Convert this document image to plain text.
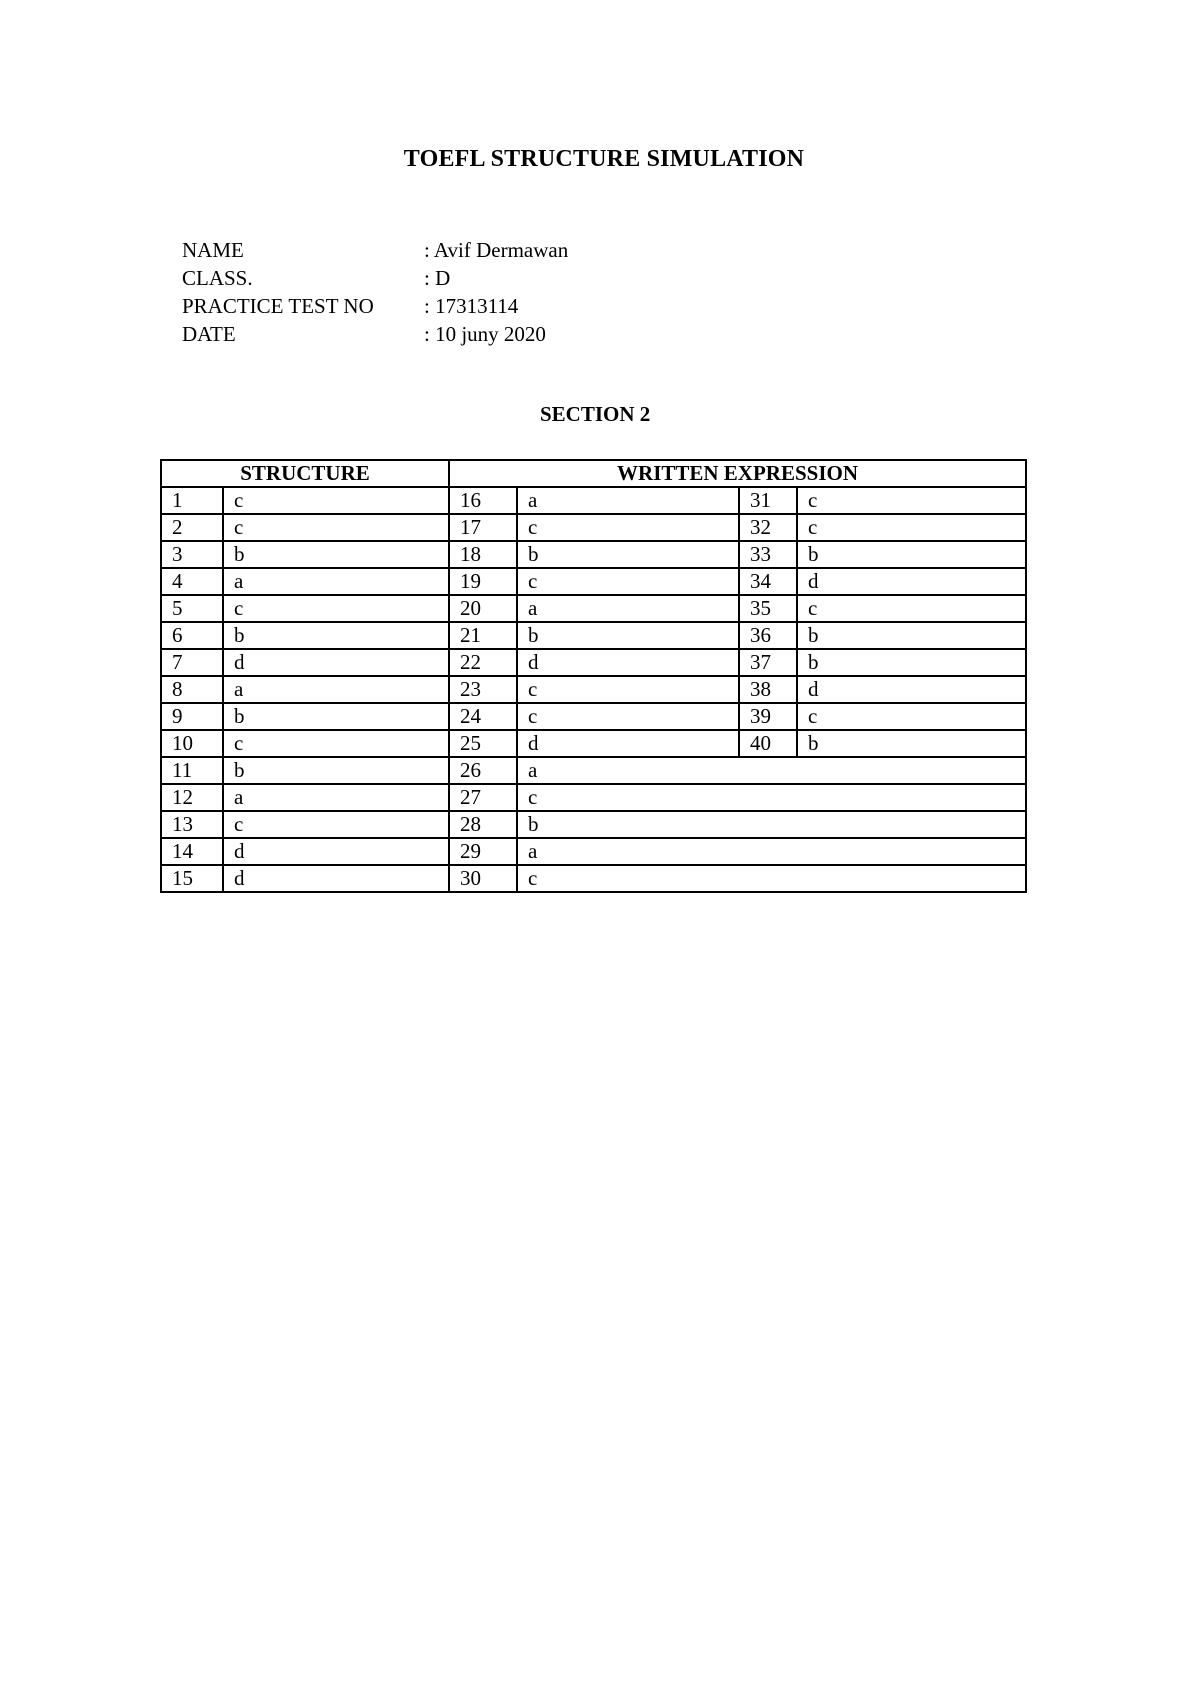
TOEFL STRUCTURE SIMULATION
NAME	: Avif Dermawan
CLASS.	: D
PRACTICE TEST NO	: 17313114
DATE	: 10 juny 2020
SECTION 2
STRUCTURE		WRITTEN EXPRESSION			
1	c	16	a	31	c
2	c	17	c	32	c
3	b	18	b	33	b
4	a	19	c	34	d
5	c	20	a	35	c
6	b	21	b	36	b
7	d	22	d	37	b
8	a	23	c	38	d
9	b	24	c	39	c
10	c	25	d	40	b
11	b	26	a		
12	a	27	c		
13	c	28	b		
14	d	29	a		
15	d	30	c		
